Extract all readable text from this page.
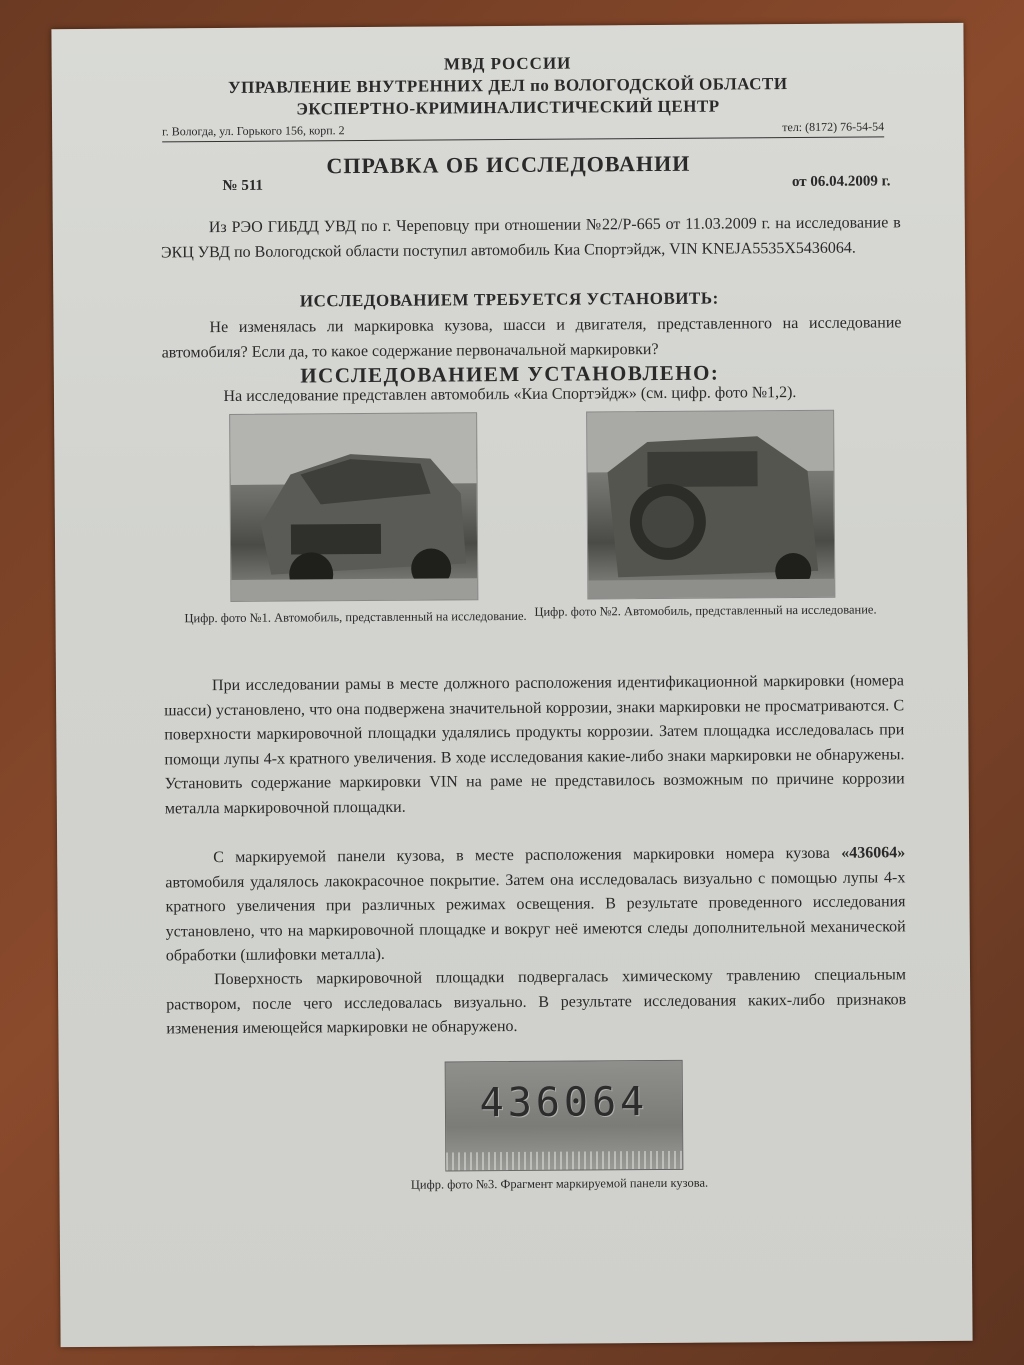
МВД РОССИИ
УПРАВЛЕНИЕ ВНУТРЕННИХ ДЕЛ по ВОЛОГОДСКОЙ ОБЛАСТИ
ЭКСПЕРТНО-КРИМИНАЛИСТИЧЕСКИЙ ЦЕНТР
г. Вологда, ул. Горького 156, корп. 2	тел: (8172) 76-54-54
СПРАВКА ОБ ИССЛЕДОВАНИИ
№ 511	от 06.04.2009 г.
Из РЭО ГИБДД УВД по г. Череповцу при отношении №22/Р-665 от 11.03.2009 г. на исследование в ЭКЦ УВД по Вологодской области поступил автомобиль Киа Спортэйдж, VIN KNEJA5535X5436064.
ИССЛЕДОВАНИЕМ ТРЕБУЕТСЯ УСТАНОВИТЬ:
Не изменялась ли маркировка кузова, шасси и двигателя, представленного на исследование автомобиля? Если да, то какое содержание первоначальной маркировки?
ИССЛЕДОВАНИЕМ УСТАНОВЛЕНО:
На исследование представлен автомобиль «Киа Спортэйдж» (см. цифр. фото №1,2).
Цифр. фото №1. Автомобиль, представленный на исследование. Цифр. фото №2. Автомобиль, представленный на исследование.
При исследовании рамы в месте должного расположения идентификационной маркировки (номера шасси) установлено, что она подвержена значительной коррозии, знаки маркировки не просматриваются. С поверхности маркировочной площадки удалялись продукты коррозии. Затем площадка исследовалась при помощи лупы 4-х кратного увеличения. В ходе исследования какие-либо знаки маркировки не обнаружены. Установить содержание маркировки VIN на раме не представилось возможным по причине коррозии металла маркировочной площадки.
С маркируемой панели кузова, в месте расположения маркировки номера кузова «436064» автомобиля удалялось лакокрасочное покрытие. Затем она исследовалась визуально с помощью лупы 4-х кратного увеличения при различных режимах освещения. В результате проведенного исследования установлено, что на маркировочной площадке и вокруг неё имеются следы дополнительной механической обработки (шлифовки металла).
Поверхность маркировочной площадки подвергалась химическому травлению специальным раствором, после чего исследовалась визуально. В результате исследования каких-либо признаков изменения имеющейся маркировки не обнаружено.
436064
Цифр. фото №3. Фрагмент маркируемой панели кузова.
